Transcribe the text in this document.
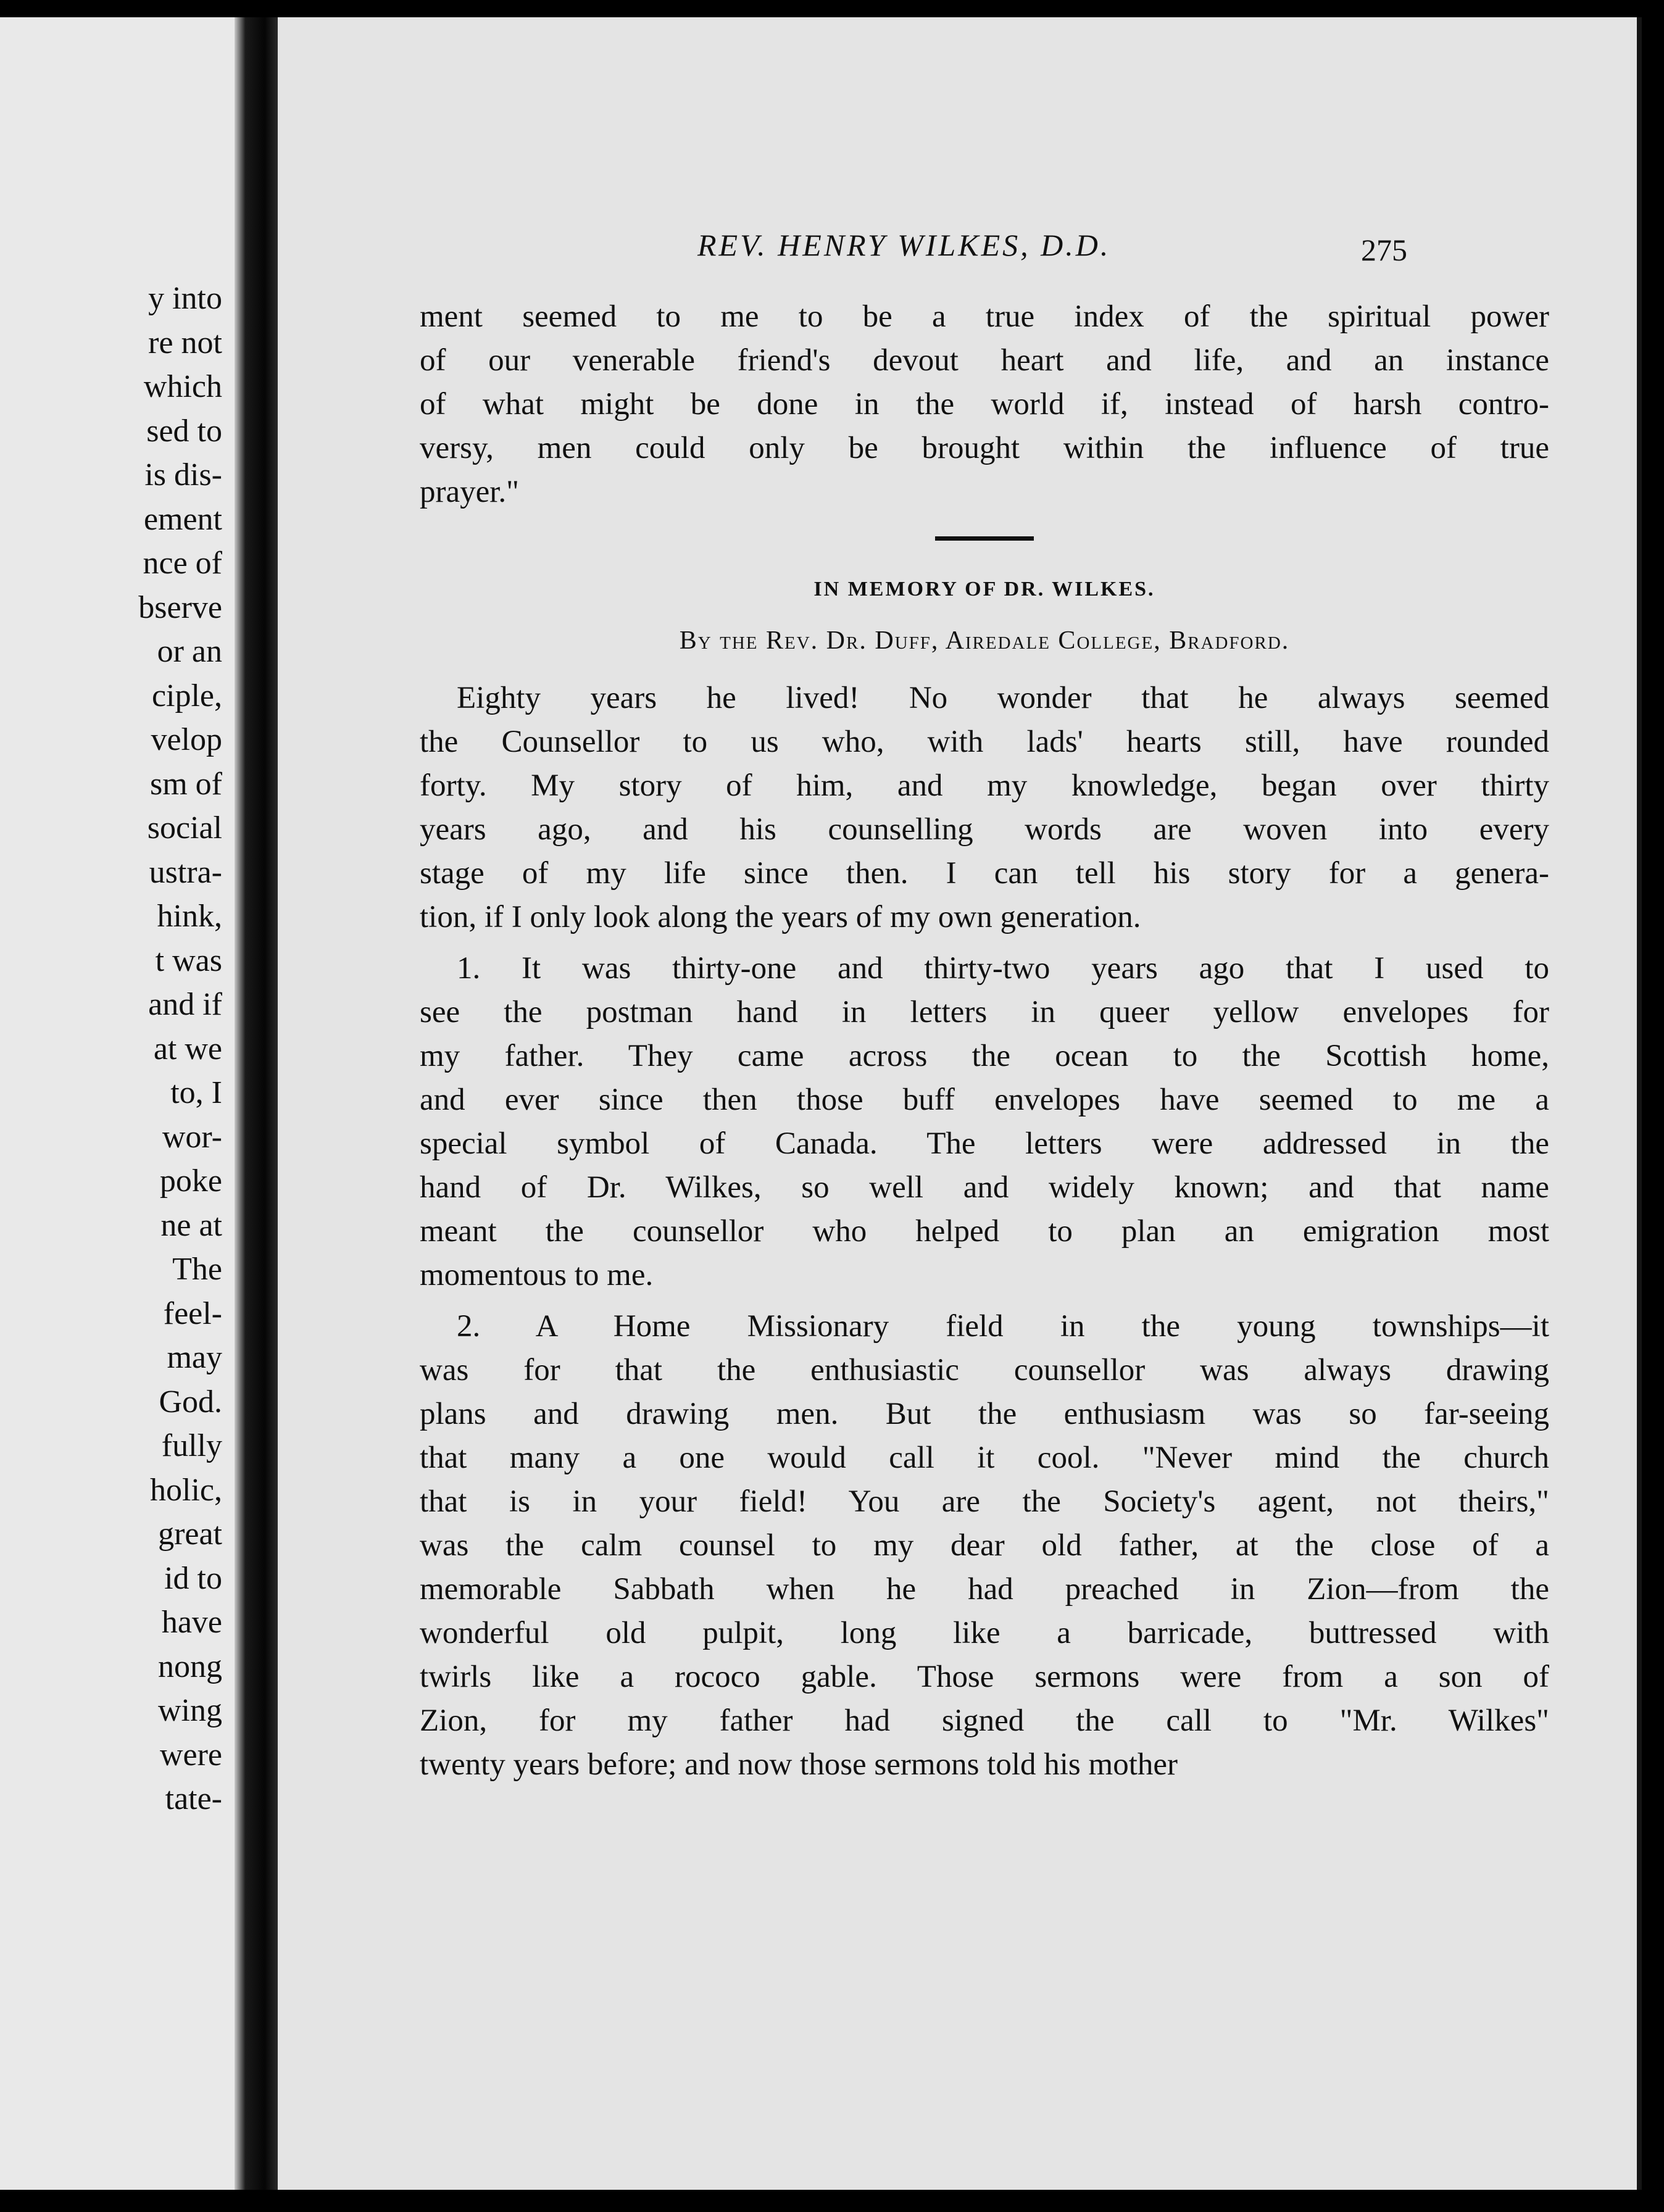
y into
re not
which
sed to
is dis-
ement
nce of
bserve
or an
ciple,
velop
sm of
social
ustra-
hink,
t was
and if
at we
to, I
wor-
poke
ne at
The
feel-
may
God.
fully
holic,
great
id to
have
nong
wing
were
tate-
REV. HENRY WILKES, D.D.	275
ment seemed to me to be a true index of the spiritual power
of our venerable friend's devout heart and life, and an instance
of what might be done in the world if, instead of harsh contro-
versy, men could only be brought within the influence of true
prayer."
IN MEMORY OF DR. WILKES.
By the Rev. Dr. Duff, Airedale College, Bradford.
Eighty years he lived! No wonder that he always seemed
the Counsellor to us who, with lads' hearts still, have rounded
forty. My story of him, and my knowledge, began over thirty
years ago, and his counselling words are woven into every
stage of my life since then. I can tell his story for a genera-
tion, if I only look along the years of my own generation.
1. It was thirty-one and thirty-two years ago that I used to
see the postman hand in letters in queer yellow envelopes for
my father. They came across the ocean to the Scottish home,
and ever since then those buff envelopes have seemed to me a
special symbol of Canada. The letters were addressed in the
hand of Dr. Wilkes, so well and widely known; and that name
meant the counsellor who helped to plan an emigration most
momentous to me.
2. A Home Missionary field in the young townships—it
was for that the enthusiastic counsellor was always drawing
plans and drawing men. But the enthusiasm was so far-seeing
that many a one would call it cool. "Never mind the church
that is in your field! You are the Society's agent, not theirs,"
was the calm counsel to my dear old father, at the close of a
memorable Sabbath when he had preached in Zion—from the
wonderful old pulpit, long like a barricade, buttressed with
twirls like a rococo gable. Those sermons were from a son of
Zion, for my father had signed the call to "Mr. Wilkes"
twenty years before; and now those sermons told his mother
